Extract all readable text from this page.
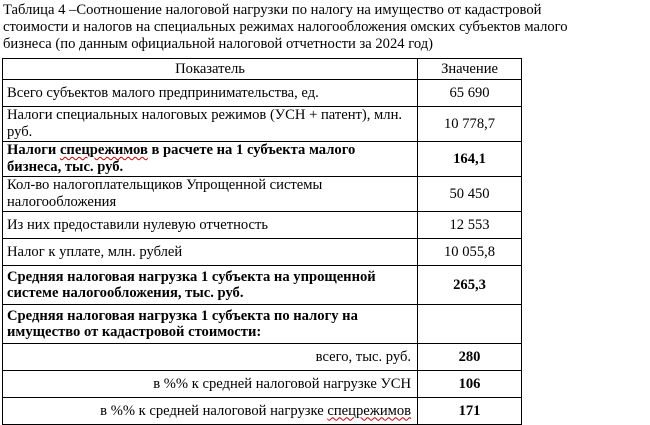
Таблица 4 –Соотношение налоговой нагрузки по налогу на имущество от кадастровой
стоимости и налогов на специальных режимах налогообложения омских субъектов малого
бизнеса (по данным официальной налоговой отчетности за 2024 год)
Показатель	Значение
Всего субъектов малого предпринимательства, ед.	65 690
Налоги специальных налоговых режимов (УСН + патент), млн. руб.	10 778,7
Налоги спецрежимов в расчете на 1 субъекта малого бизнеса, тыс. руб.	164,1
Кол-во налогоплательщиков Упрощенной системы налогообложения	50 450
Из них предоставили нулевую отчетность	12 553
Налог к уплате, млн. рублей	10 055,8
Средняя налоговая нагрузка 1 субъекта на упрощенной системе налогообложения, тыс. руб.	265,3
Средняя налоговая нагрузка 1 субъекта по налогу на имущество от кадастровой стоимости:	
всего, тыс. руб.	280
в %% к средней налоговой нагрузке УСН	106
в %% к средней налоговой нагрузке спецрежимов	171
